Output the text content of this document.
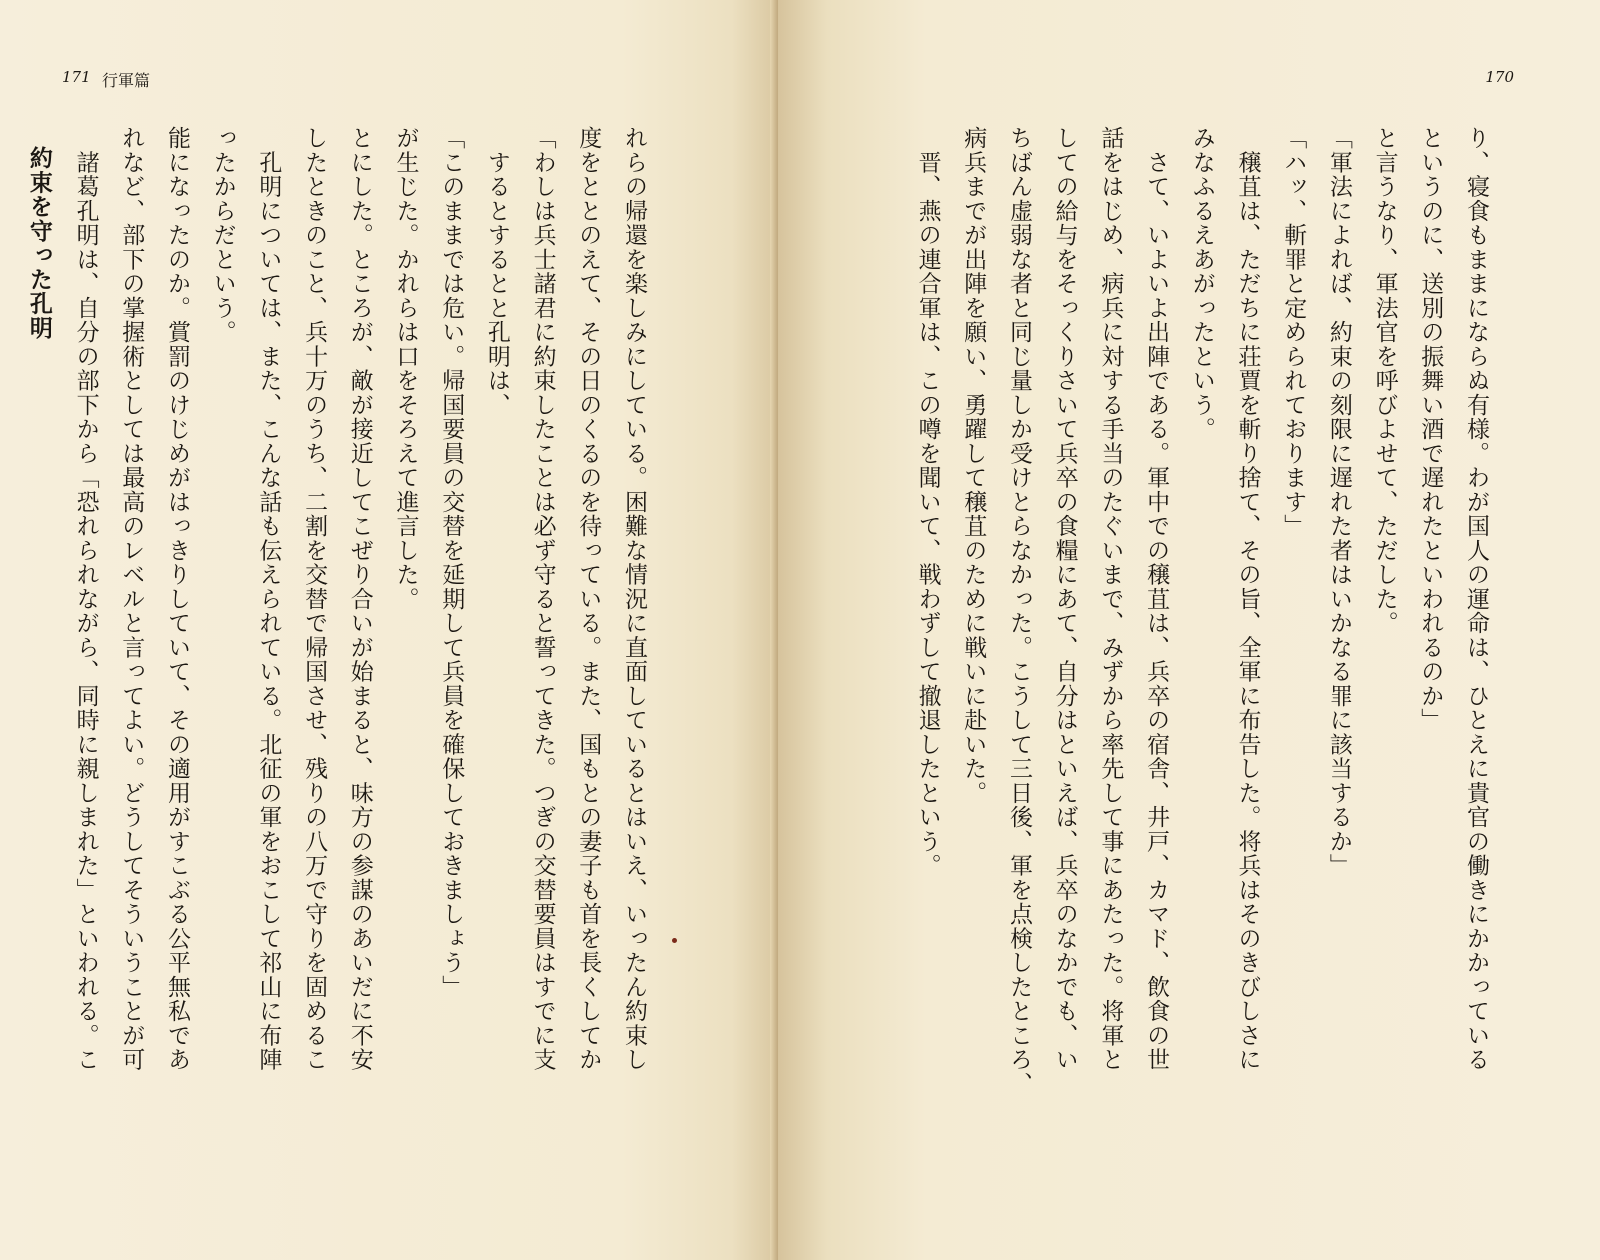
171 行軍篇
れらの帰還を楽しみにしている。困難な情況に直面しているとはいえ、いったん約束し
度をととのえて、その日のくるのを待っている。また、国もとの妻子も首を長くしてか
「わしは兵士諸君に約束したことは必ず守ると誓ってきた。つぎの交替要員はすでに支
　するとするとと孔明は、
「このままでは危い。帰国要員の交替を延期して兵員を確保しておきましょう」
が生じた。かれらは口をそろえて進言した。
とにした。ところが、敵が接近してこぜり合いが始まると、味方の参謀のあいだに不安
したときのこと、兵十万のうち、二割を交替で帰国させ、残りの八万で守りを固めるこ
　孔明については、また、こんな話も伝えられている。北征の軍をおこして祁山に布陣
ったからだという。
能になったのか。賞罰のけじめがはっきりしていて、その適用がすこぶる公平無私であ
れなど、部下の掌握術としては最高のレベルと言ってよい。どうしてそういうことが可
　諸葛孔明は、自分の部下から「恐れられながら、同時に親しまれた」といわれる。こ
約束を守った孔明
170
り、寝食もままにならぬ有様。わが国人の運命は、ひとえに貴官の働きにかかっている
というのに、送別の振舞い酒で遅れたといわれるのか」
と言うなり、軍法官を呼びよせて、ただした。
「軍法によれば、約束の刻限に遅れた者はいかなる罪に該当するか」
「ハッ、斬罪と定められております」
　穣苴は、ただちに荘賈を斬り捨て、その旨、全軍に布告した。将兵はそのきびしさに
みなふるえあがったという。
　さて、いよいよ出陣である。軍中での穣苴は、兵卒の宿舎、井戸、カマド、飲食の世
話をはじめ、病兵に対する手当のたぐいまで、みずから率先して事にあたった。将軍と
しての給与をそっくりさいて兵卒の食糧にあて、自分はといえば、兵卒のなかでも、い
ちばん虚弱な者と同じ量しか受けとらなかった。こうして三日後、軍を点検したところ、
病兵までが出陣を願い、勇躍して穣苴のために戦いに赴いた。
　晋、燕の連合軍は、この噂を聞いて、戦わずして撤退したという。
